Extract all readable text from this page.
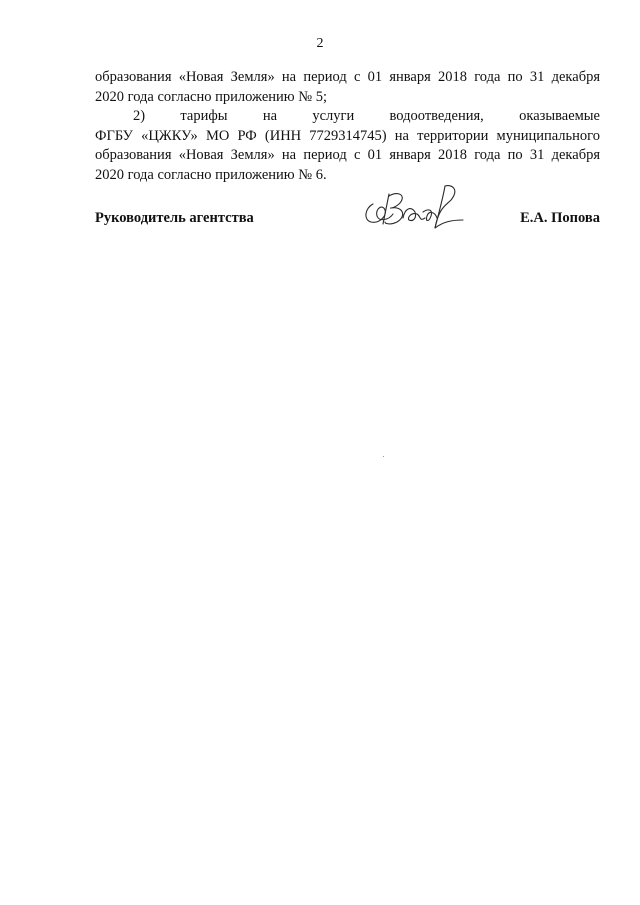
2

образования «Новая Земля» на период с 01 января 2018 года по 31 декабря
2020 года согласно приложению № 5;

2) тарифы на услуги водоотведения, оказываемые
ФГБУ «ЦЖКУ» МО РФ (ИНН 7729314745) на территории муниципального
образования «Новая Земля» на период с 01 января 2018 года по 31 декабря
2020 года согласно приложению № 6.

Руководитель агентства	Е.А. Попова
